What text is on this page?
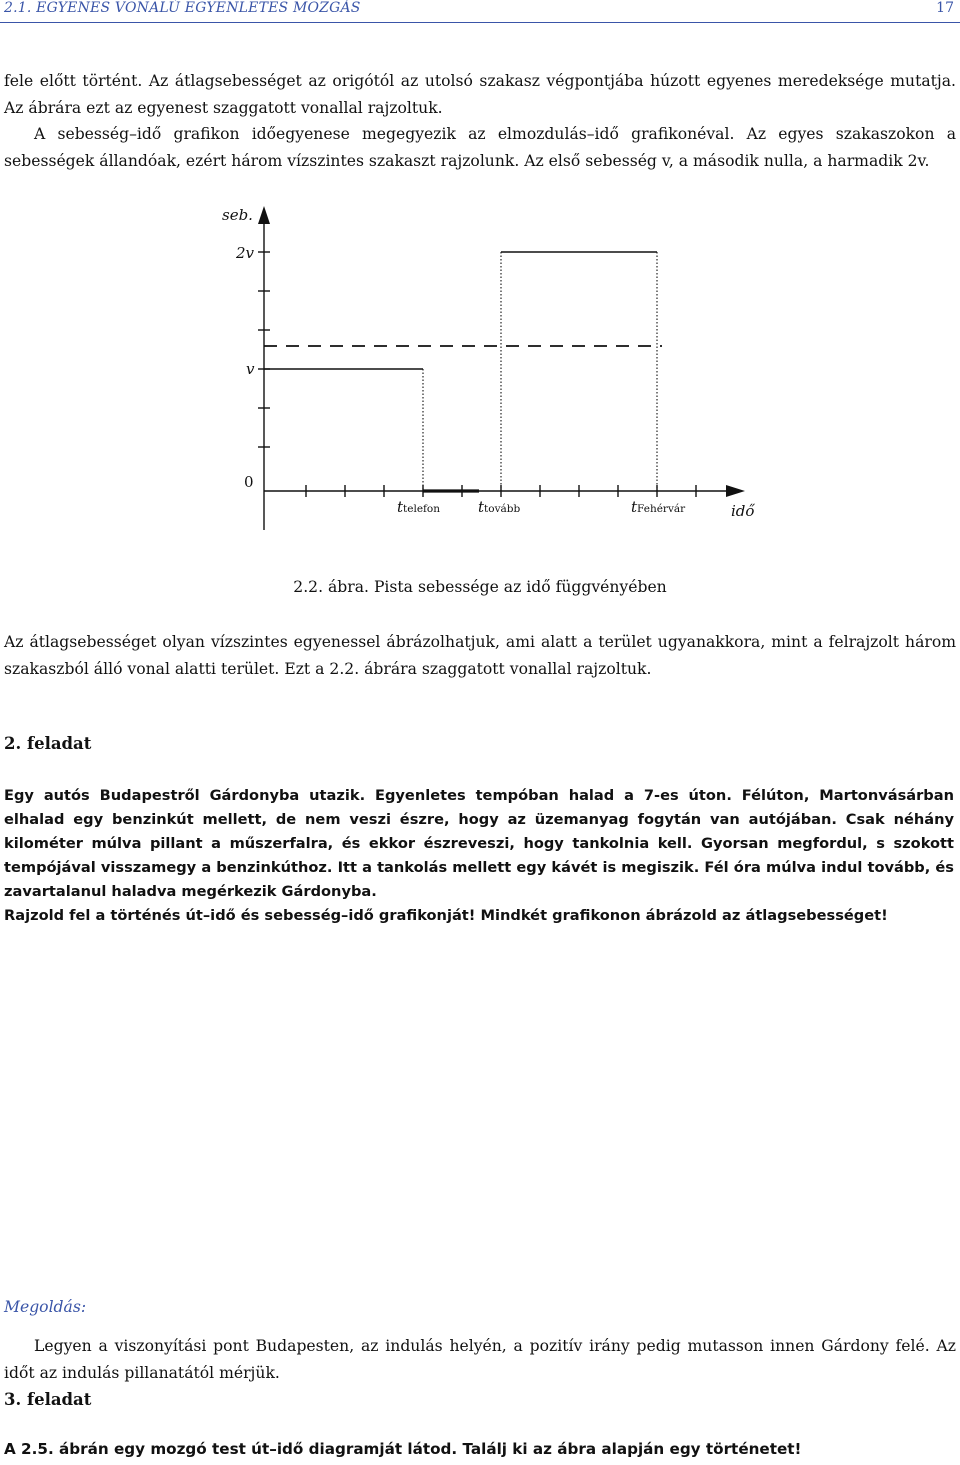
2.1. EGYENES VONALÚ EGYENLETES MOZGÁS	17

fele előtt történt. Az átlagsebességet az origótól az utolsó szakasz végpontjába húzott egyenes meredeksége mutatja. Az ábrára ezt az egyenest szaggatott vonallal rajzoltuk.

A sebesség–idő grafikon időegyenese megegyezik az elmozdulás–idő grafikonéval. Az egyes szakaszokon a sebességek állandóak, ezért három vízszintes szakaszt rajzolunk. Az első sebesség v, a második nulla, a harmadik 2v.

seb.
2v
v
0
ttelefon	ttovább	tFehérvár	idő
2.2. ábra. Pista sebessége az idő függvényében

Az átlagsebességet olyan vízszintes egyenessel ábrázolhatjuk, ami alatt a terület ugyanakkora, mint a felrajzolt három szakaszból álló vonal alatti terület. Ezt a 2.2. ábrára szaggatott vonallal rajzoltuk.

2. feladat

Egy autós Budapestről Gárdonyba utazik. Egyenletes tempóban halad a 7-es úton. Félúton, Martonvásárban elhalad egy benzinkút mellett, de nem veszi észre, hogy az üzemanyag fogytán van autójában. Csak néhány kilométer múlva pillant a műszerfalra, és ekkor észreveszi, hogy tankolnia kell. Gyorsan megfordul, s szokott tempójával visszamegy a benzinkúthoz. Itt a tankolás mellett egy kávét is megiszik. Fél óra múlva indul tovább, és zavartalanul haladva megérkezik Gárdonyba.

Rajzold fel a történés út–idő és sebesség–idő grafikonját! Mindkét grafikonon ábrázold az átlagsebességet!

Megoldás:

Legyen a viszonyítási pont Budapesten, az indulás helyén, a pozitív irány pedig mutasson innen Gárdony felé. Az időt az indulás pillanatától mérjük.

3. feladat

A 2.5. ábrán egy mozgó test út–idő diagramját látod. Találj ki az ábra alapján egy történetet!
